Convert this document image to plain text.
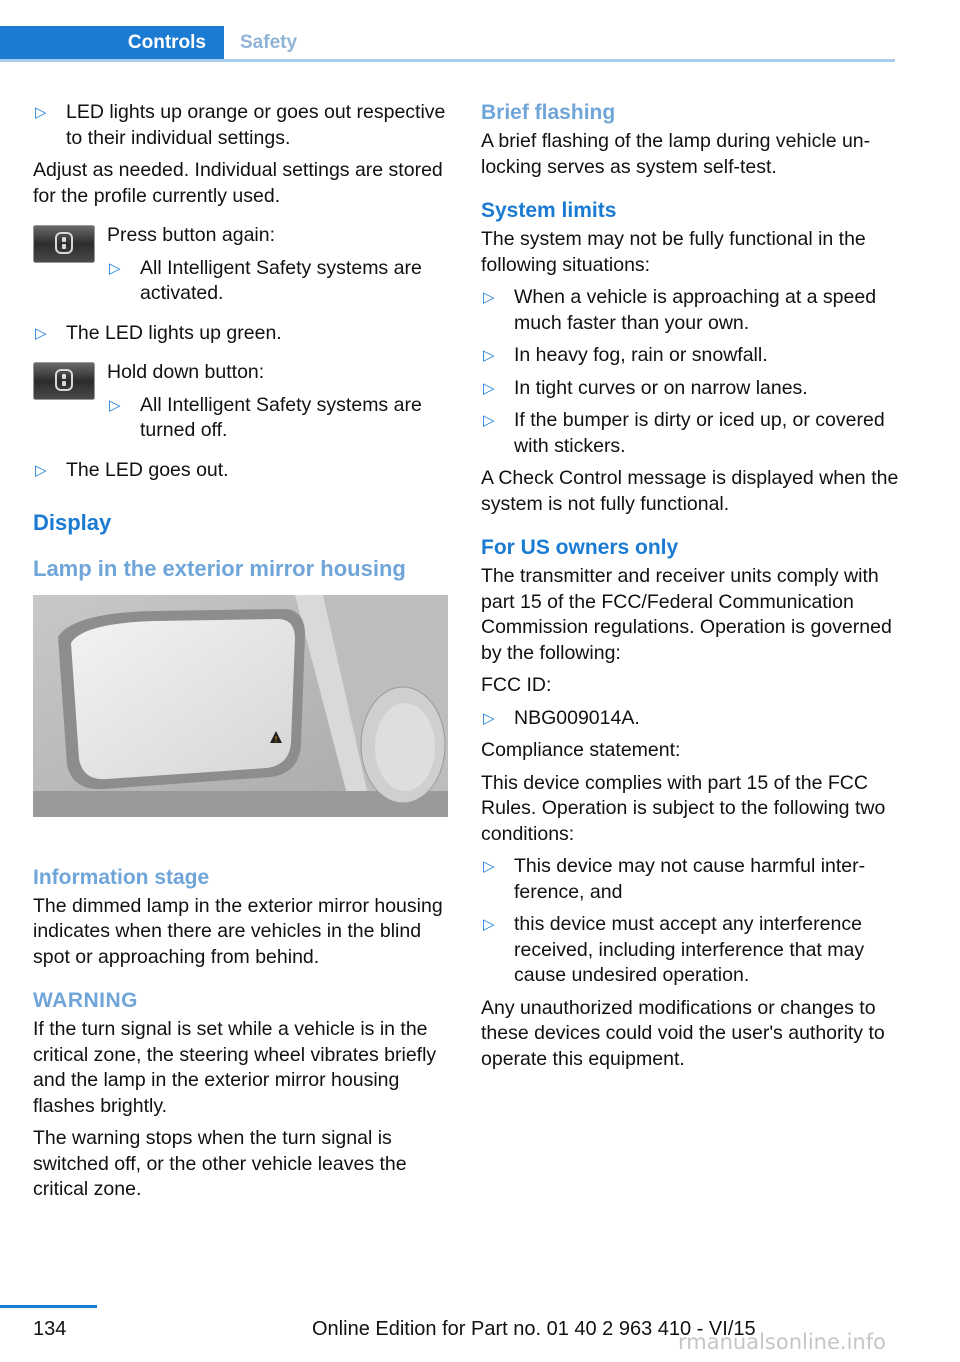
Controls	Safety
▷ LED lights up orange or goes out respective to their individual settings.

Adjust as needed. Individual settings are stored for the profile currently used.

Press button again:

▷ All Intelligent Safety systems are activated.
▷ The LED lights up green.

Hold down button:

▷ All Intelligent Safety systems are turned off.
▷ The LED goes out.
Display
Lamp in the exterior mirror housing
!
Information stage

The dimmed lamp in the exterior mirror housing indicates when there are vehicles in the blind spot or approaching from behind.

WARNING

If the turn signal is set while a vehicle is in the critical zone, the steering wheel vibrates briefly and the lamp in the exterior mirror housing flashes brightly.

The warning stops when the turn signal is switched off, or the other vehicle leaves the critical zone.

Brief flashing

A brief flashing of the lamp during vehicle unlocking serves as system self-test.

System limits

The system may not be fully functional in the following situations:

▷ When a vehicle is approaching at a speed much faster than your own.
▷ In heavy fog, rain or snowfall.
▷ In tight curves or on narrow lanes.
▷ If the bumper is dirty or iced up, or covered with stickers.

A Check Control message is displayed when the system is not fully functional.

For US owners only

The transmitter and receiver units comply with part 15 of the FCC/Federal Communication Commission regulations. Operation is governed by the following:

FCC ID:

▷ NBG009014A.

Compliance statement:

This device complies with part 15 of the FCC Rules. Operation is subject to the following two conditions:

▷ This device may not cause harmful interference, and
▷ this device must accept any interference received, including interference that may cause undesired operation.

Any unauthorized modifications or changes to these devices could void the user's authority to operate this equipment.

134	Online Edition for Part no. 01 40 2 963 410 - VI/15
rmanualsonline.info
